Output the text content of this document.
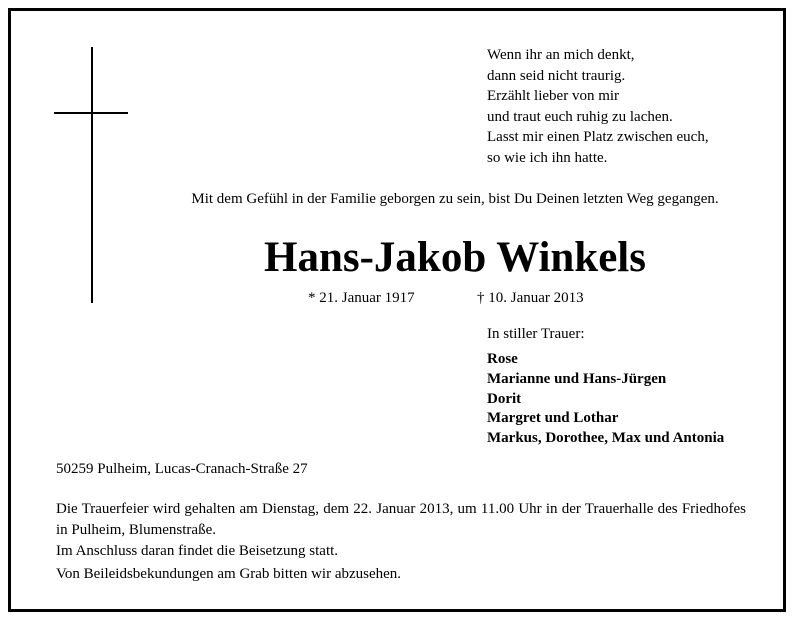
Wenn ihr an mich denkt,
dann seid nicht traurig.
Erzählt lieber von mir
und traut euch ruhig zu lachen.
Lasst mir einen Platz zwischen euch,
so wie ich ihn hatte.
Mit dem Gefühl in der Familie geborgen zu sein, bist Du Deinen letzten Weg gegangen.
Hans-Jakob Winkels
* 21. Januar 1917	† 10. Januar 2013
In stiller Trauer:
Rose
Marianne und Hans-Jürgen
Dorit
Margret und Lothar
Markus, Dorothee, Max und Antonia
50259 Pulheim, Lucas-Cranach-Straße 27
Die Trauerfeier wird gehalten am Dienstag, dem 22. Januar 2013, um 11.00 Uhr in der Trauerhalle des Friedhofes in Pulheim, Blumenstraße.
Im Anschluss daran findet die Beisetzung statt.
Von Beileidsbekundungen am Grab bitten wir abzusehen.
